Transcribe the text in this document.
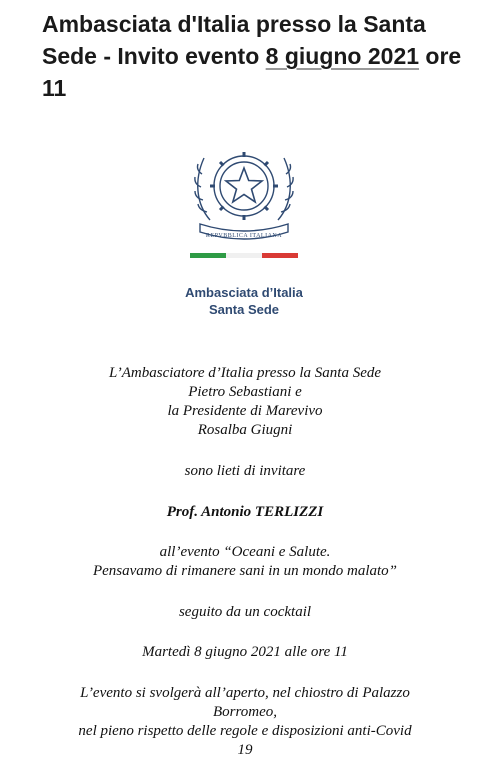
Ambasciata d'Italia presso la Santa Sede - Invito evento 8 giugno 2021 ore 11
REPVBBLICA ITALIANA
Ambasciata d’Italia
Santa Sede
L’Ambasciatore d’Italia presso la Santa Sede
Pietro Sebastiani e
la Presidente di Marevivo
Rosalba Giugni
sono lieti di invitare
Prof. Antonio TERLIZZI
all’evento “Oceani e Salute.
Pensavamo di rimanere sani in un mondo malato”
seguito da un cocktail
Martedì 8 giugno 2021 alle ore 11
L’evento si svolgerà all’aperto, nel chiostro di Palazzo
Borromeo,
nel pieno rispetto delle regole e disposizioni anti-Covid
19
